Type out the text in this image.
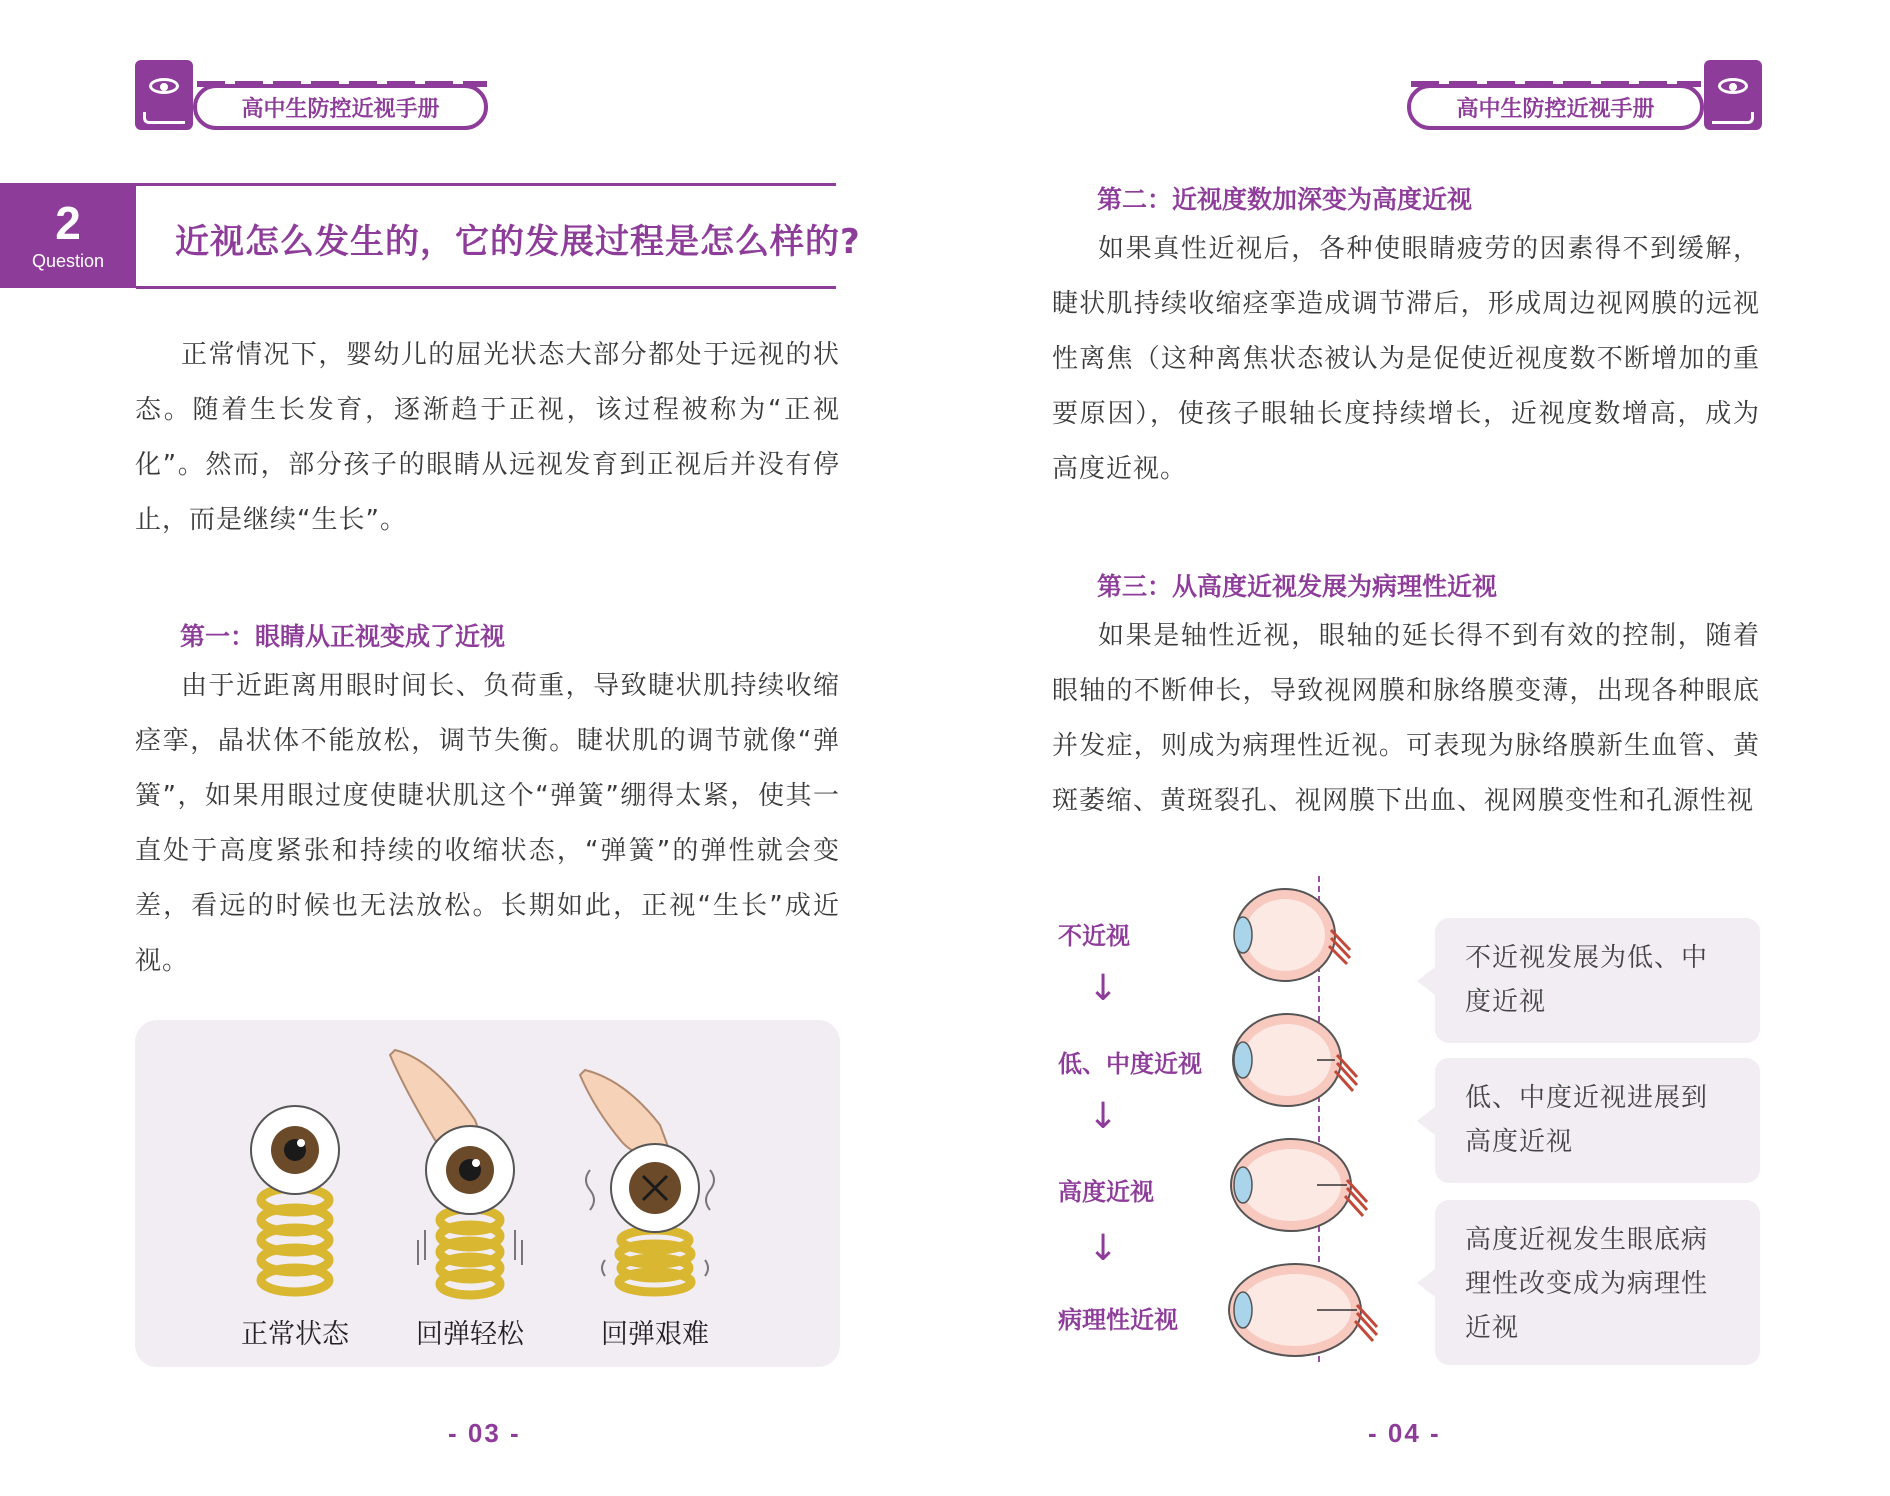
高中生防控近视手册
2
Question	近视怎么发生的，它的发展过程是怎么样的?
正常情况下，婴幼儿的屈光状态大部分都处于远视的状态。随着生长发育，逐渐趋于正视，该过程被称为“正视化”。然而，部分孩子的眼睛从远视发育到正视后并没有停止，而是继续“生长”。
第一：眼睛从正视变成了近视
由于近距离用眼时间长、负荷重，导致睫状肌持续收缩痉挛，晶状体不能放松，调节失衡。睫状肌的调节就像“弹簧”，如果用眼过度使睫状肌这个“弹簧”绷得太紧，使其一直处于高度紧张和持续的收缩状态，“弹簧”的弹性就会变差，看远的时候也无法放松。长期如此，正视“生长”成近视。
正常状态	回弹轻松	回弹艰难
- 03 -
高中生防控近视手册
第二：近视度数加深变为高度近视
如果真性近视后，各种使眼睛疲劳的因素得不到缓解，睫状肌持续收缩痉挛造成调节滞后，形成周边视网膜的远视性离焦（这种离焦状态被认为是促使近视度数不断增加的重要原因），使孩子眼轴长度持续增长，近视度数增高，成为高度近视。
第三：从高度近视发展为病理性近视
如果是轴性近视，眼轴的延长得不到有效的控制，随着眼轴的不断伸长，导致视网膜和脉络膜变薄，出现各种眼底并发症，则成为病理性近视。可表现为脉络膜新生血管、黄斑萎缩、黄斑裂孔、视网膜下出血、视网膜变性和孔源性视
不近视
↓
低、中度近视
↓
高度近视
↓
病理性近视
不近视发展为低、中度近视
低、中度近视进展到高度近视
高度近视发生眼底病理性改变成为病理性近视
- 04 -
